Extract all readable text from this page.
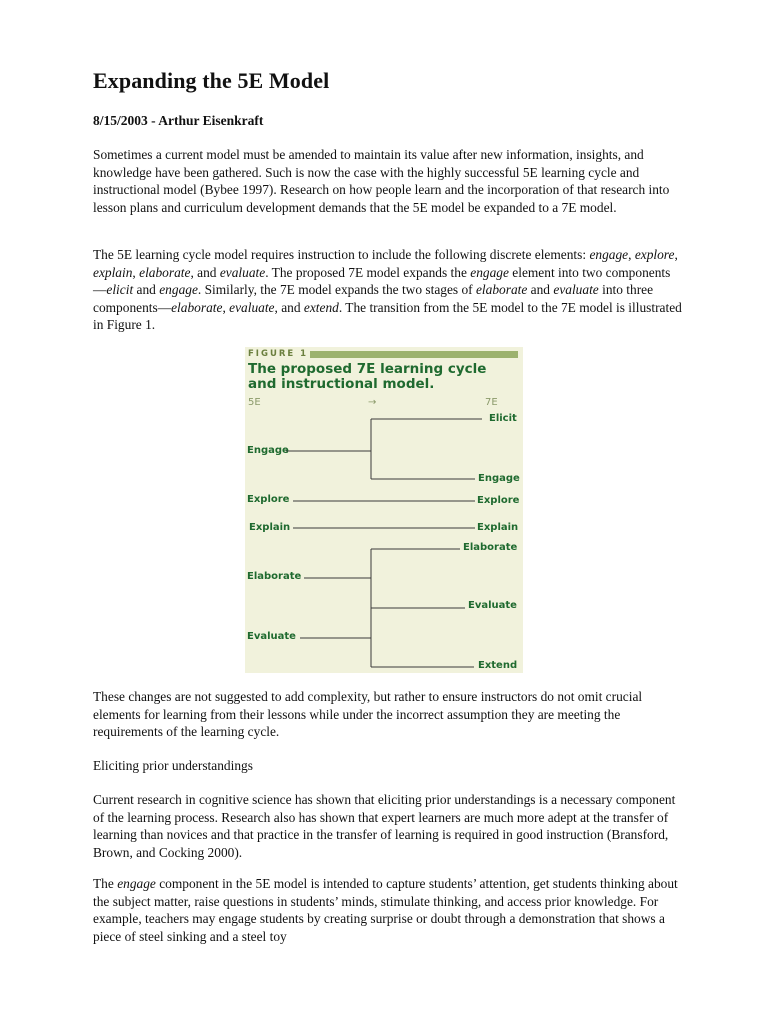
Expanding the 5E Model

8/15/2003 - Arthur Eisenkraft

Sometimes a current model must be amended to maintain its value after new information, insights, and knowledge have been gathered. Such is now the case with the highly successful 5E learning cycle and instructional model (Bybee 1997). Research on how people learn and the incorporation of that research into lesson plans and curriculum development demands that the 5E model be expanded to a 7E model.

The 5E learning cycle model requires instruction to include the following discrete elements: engage, explore, explain, elaborate, and evaluate. The proposed 7E model expands the engage element into two components—elicit and engage. Similarly, the 7E model expands the two stages of elaborate and evaluate into three components—elaborate, evaluate, and extend. The transition from the 5E model to the 7E model is illustrated in Figure 1.

FIGURE 1
The proposed 7E learning cycle and instructional model.
5E	→	7E
Engage
Explore
Explain
Elaborate
Evaluate
Elicit
Engage
Explore
Explain
Elaborate
Evaluate
Extend

These changes are not suggested to add complexity, but rather to ensure instructors do not omit crucial elements for learning from their lessons while under the incorrect assumption they are meeting the requirements of the learning cycle.

Eliciting prior understandings

Current research in cognitive science has shown that eliciting prior understandings is a necessary component of the learning process. Research also has shown that expert learners are much more adept at the transfer of learning than novices and that practice in the transfer of learning is required in good instruction (Bransford, Brown, and Cocking 2000).

The engage component in the 5E model is intended to capture students’ attention, get students thinking about the subject matter, raise questions in students’ minds, stimulate thinking, and access prior knowledge. For example, teachers may engage students by creating surprise or doubt through a demonstration that shows a piece of steel sinking and a steel toy
